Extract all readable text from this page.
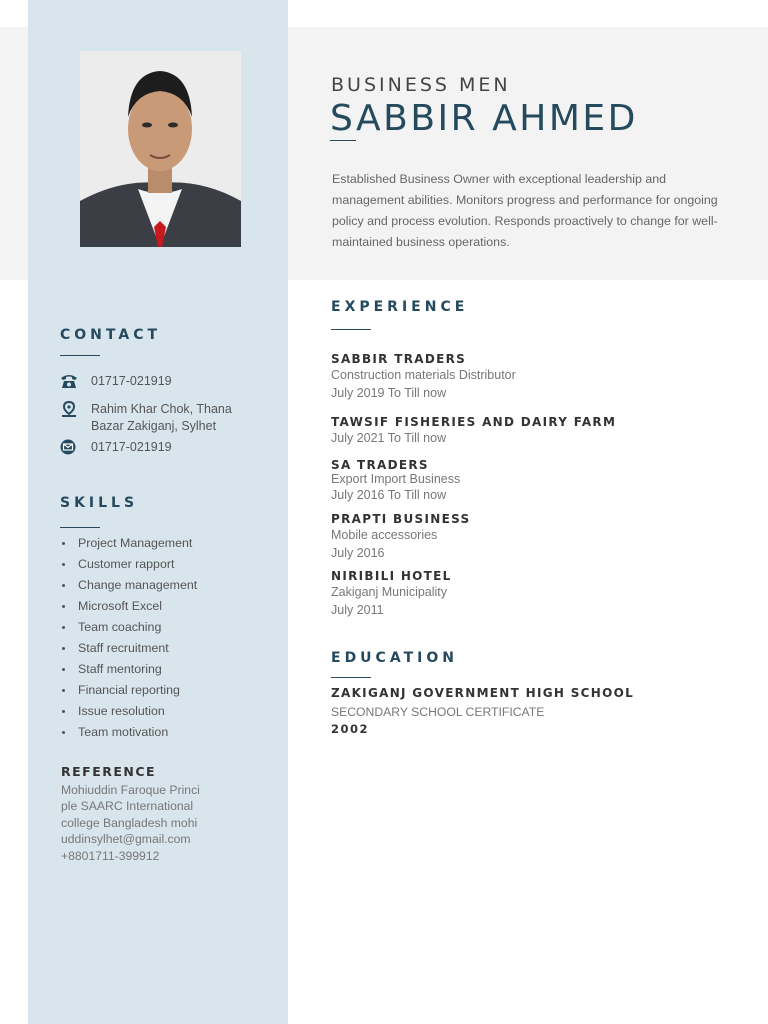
BUSINESS MEN
SABBIR AHMED
Established Business Owner with exceptional leadership and management abilities. Monitors progress and performance for ongoing policy and process evolution. Responds proactively to change for well-maintained business operations.
CONTACT
01717-021919
Rahim Khar Chok, Thana
Bazar Zakiganj, Sylhet
01717-021919
SKILLS
Project Management
Customer rapport
Change management
Microsoft Excel
Team coaching
Staff recruitment
Staff mentoring
Financial reporting
Issue resolution
Team motivation
REFERENCE
Mohiuddin Faroque Principle SAARC International college Bangladesh mohiuddinsylhet@gmail.com +8801711-399912
EXPERIENCE
SABBIR TRADERS
Construction materials Distributor
July 2019 To Till now
TAWSIF FISHERIES AND DAIRY FARM
July 2021 To Till now
SA TRADERS
Export Import Business
July 2016 To Till now
PRAPTI BUSINESS
Mobile accessories
July 2016
NIRIBILI HOTEL
Zakiganj Municipality
July 2011
EDUCATION
ZAKIGANJ GOVERNMENT HIGH SCHOOL
SECONDARY SCHOOL CERTIFICATE
2002
